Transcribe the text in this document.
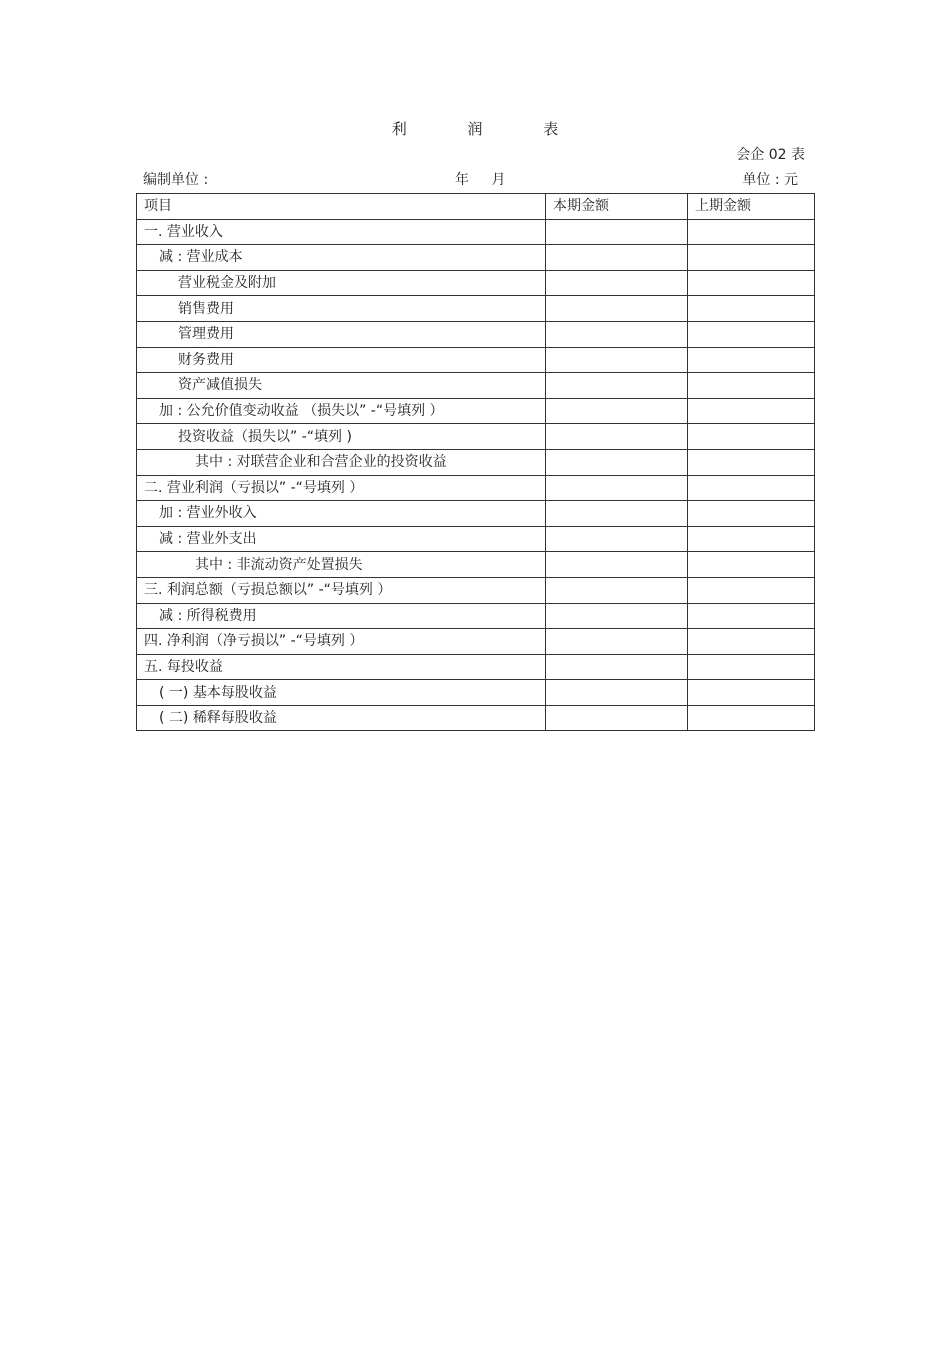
利 润 表
会企 02 表
编制单位 :	年 月	单位 : 元
项目	本期金额	上期金额
一. 营业收入		
减 : 营业成本		
营业税金及附加		
销售费用		
管理费用		
财务费用		
资产减值损失		
加 : 公允价值变动收益 （损失以” -“号填列 ）		
投资收益（损失以” -“填列 )		
其中 : 对联营企业和合营企业的投资收益		
二. 营业利润（亏损以” -“号填列 ）		
加 : 营业外收入		
减 : 营业外支出		
其中 : 非流动资产处置损失		
三. 利润总额（亏损总额以” -“号填列 ）		
减 : 所得税费用		
四. 净利润（净亏损以” -“号填列 ）		
五. 每投收益		
( 一) 基本每股收益		
( 二) 稀释每股收益		
